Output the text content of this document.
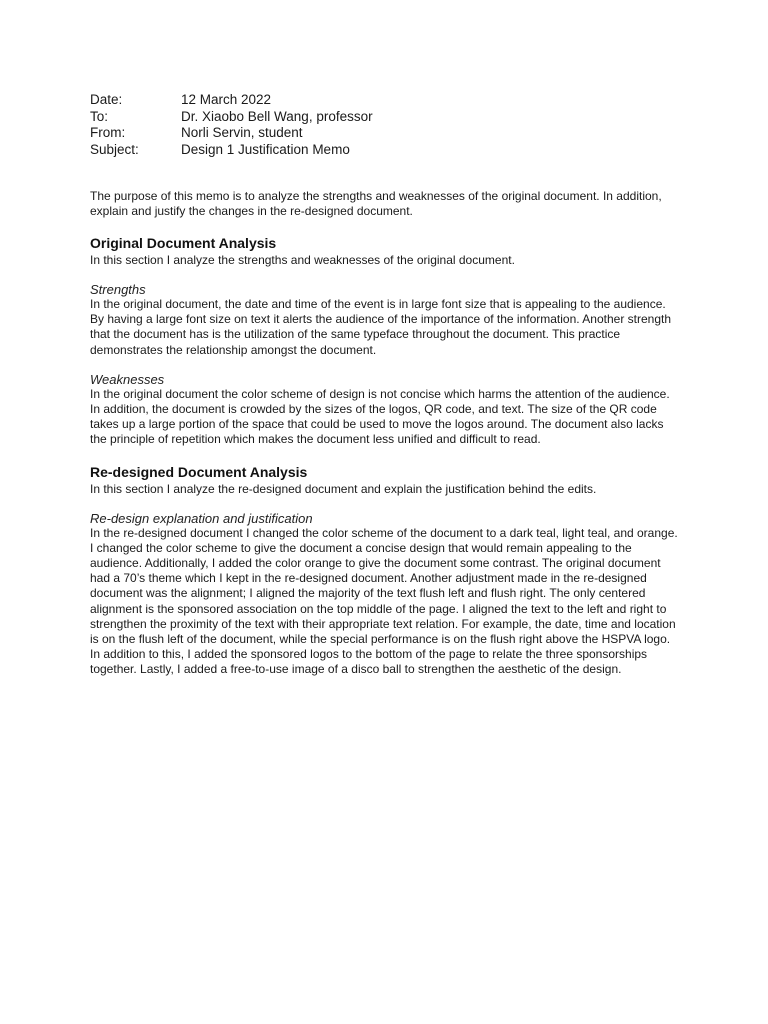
Date:	12 March 2022
To:	Dr. Xiaobo Bell Wang, professor
From:	Norli Servin, student
Subject:	Design 1 Justification Memo

The purpose of this memo is to analyze the strengths and weaknesses of the original document. In addition, explain and justify the changes in the re-designed document.

Original Document Analysis

In this section I analyze the strengths and weaknesses of the original document.

Strengths

In the original document, the date and time of the event is in large font size that is appealing to the audience. By having a large font size on text it alerts the audience of the importance of the information. Another strength that the document has is the utilization of the same typeface throughout the document. This practice demonstrates the relationship amongst the document.

Weaknesses

In the original document the color scheme of design is not concise which harms the attention of the audience. In addition, the document is crowded by the sizes of the logos, QR code, and text. The size of the QR code takes up a large portion of the space that could be used to move the logos around. The document also lacks the principle of repetition which makes the document less unified and difficult to read.

Re-designed Document Analysis

In this section I analyze the re-designed document and explain the justification behind the edits.

Re-design explanation and justification

In the re-designed document I changed the color scheme of the document to a dark teal, light teal, and orange. I changed the color scheme to give the document a concise design that would remain appealing to the audience. Additionally, I added the color orange to give the document some contrast. The original document had a 70’s theme which I kept in the re-designed document. Another adjustment made in the re-designed document was the alignment; I aligned the majority of the text flush left and flush right. The only centered alignment is the sponsored association on the top middle of the page. I aligned the text to the left and right to strengthen the proximity of the text with their appropriate text relation. For example, the date, time and location is on the flush left of the document, while the special performance is on the flush right above the HSPVA logo. In addition to this, I added the sponsored logos to the bottom of the page to relate the three sponsorships together. Lastly, I added a free-to-use image of a disco ball to strengthen the aesthetic of the design.
